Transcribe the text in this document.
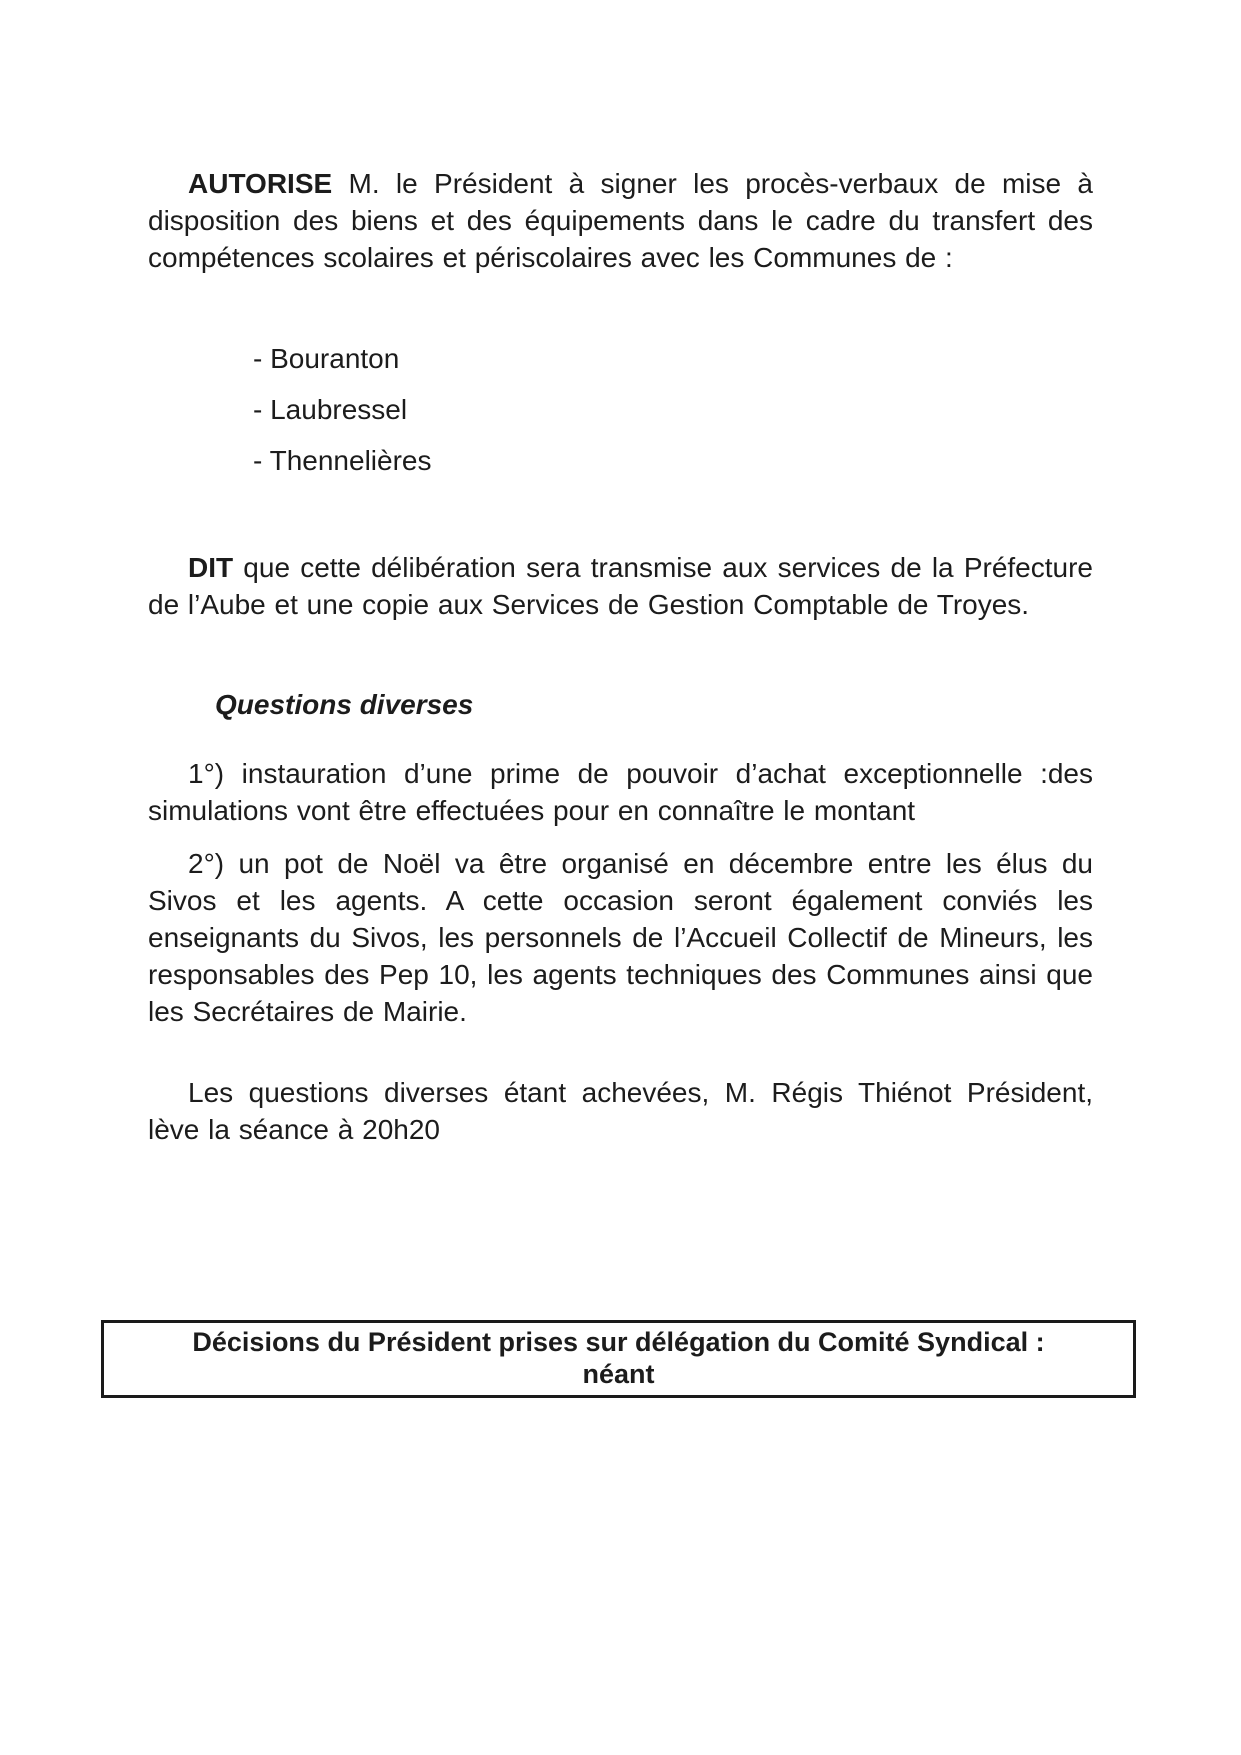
AUTORISE M. le Président à signer les procès-verbaux de mise à disposition des biens et des équipements dans le cadre du transfert des compétences scolaires et périscolaires avec les Communes de :

- Bouranton
- Laubressel
- Thennelières

DIT que cette délibération sera transmise aux services de la Préfecture de l’Aube et une copie aux Services de Gestion Comptable de Troyes.

Questions diverses

1°) instauration d’une prime de pouvoir d’achat exceptionnelle :des simulations vont être effectuées pour en connaître le montant

2°) un pot de Noël va être organisé en décembre entre les élus du Sivos et les agents. A cette occasion seront également conviés les enseignants du Sivos, les personnels de l’Accueil Collectif de Mineurs, les responsables des Pep 10, les agents techniques des Communes ainsi que les Secrétaires de Mairie.

Les questions diverses étant achevées, M. Régis Thiénot Président, lève la séance à 20h20

Décisions du Président prises sur délégation du Comité Syndical :
néant
